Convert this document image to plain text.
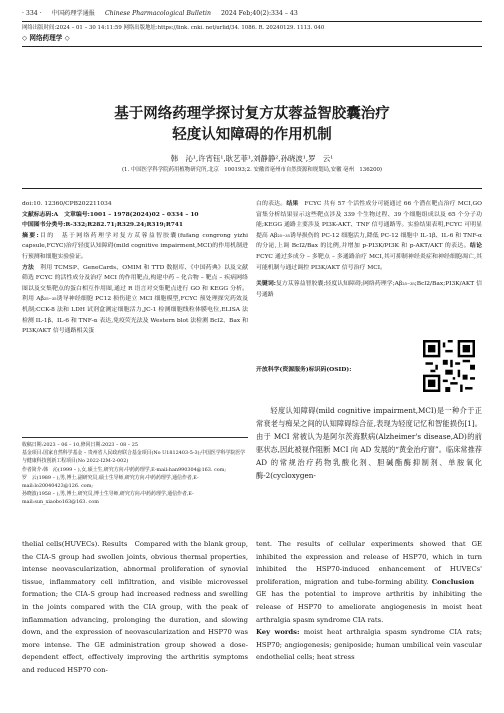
· 334 · 中国药理学通报 Chinese Pharmacological Bulletin 2024 Feb;40(2):334 – 43
网络出版时间:2024 – 01 – 30 14:11:59 网络出版地址:https://link. cnki. net/urlid/34. 1086. R. 20240129. 1113. 040
◇ 网络药理学 ◇
基于网络药理学探讨复方苁蓉益智胶囊治疗
轻度认知障碍的作用机制
韩　沁¹,许宵钰¹,耿艺菲¹,刘静静²,孙晓波¹,罗　云¹
(1. 中国医学科学院药用植物研究所,北京　100193;2. 安徽省亳州市自然资源和规划局,安徽 亳州　136200)

doi:10. 12360/CPB202211034

文献标志码:A　文章编号:1001 – 1978(2024)02 – 0334 – 10

中国图书分类号:R-332;R282.71;R329.24;R319;R741

摘要:目的　基于网络药理学对复方苁蓉益智胶囊(fufang congrong yizhi capsule,FCYC)治疗轻度认知障碍(mild cognitive impairment,MCI)的作用机制进行预测和细胞实验验证。

方法　 利用 TCMSP、GeneCards、OMIM 和 TTD 数据库、《中国药典》以及文献筛选 FCYC 的活性成分及治疗 MCI 的作用靶点,构建中药 – 化合物 – 靶点 – 疾病网络图以及交集靶点的蛋白相互作用图,通过 R 语言对交集靶点进行 GO 和 KEGG 分析。利用 Aβ₂₅₋₃₅诱导神经细胞 PC12 损伤建立 MCI 细胞模型,FCYC 预处理探究药效及机制;CCK-8 法和 LDH 试剂盒测定细胞活力,JC-1 检测细胞线粒体膜电位,ELISA 法检测 IL-1β、IL-6 和 TNF-α 表达,免疫荧光法及 Western blot 法检测 Bcl2、Bax 和 PI3K/AKT 信号通路相关蛋

收稿日期:2023 – 06 – 10,修回日期:2023 – 08 – 25

基金项目:国家自然科学基金 – 贵州省人民政府联合基金项目(No U1812403-5-3);中国医学科学院医学与健康科技创新工程项目(No 2022-I2M-2-002)

作者简介:韩　沁(1999 – ),女,硕士生,研究方向:中药药理学,E-mail:han990304@163. com;

罗　云(1989 – ),男,博士,副研究员,硕士生导师,研究方向:中药药理学,通信作者,E-mail:lo20040423@126. com;

孙晓波(1958 – ),男,博士,研究员,博士生导师,研究方向:中药药理学,通信作者,E-mail:sun_xiaobo163@163. com

thelial cells(HUVECs). Results　Compared with the blank group, the CIA-S group had swollen joints, obvious thermal properties, intense neovascularization, abnormal proliferation of synovial tissue, inflammatory cell infiltration, and visible microvessel formation; the CIA-S group had increased redness and swelling in the joints compared with the CIA group, with the peak of inflammation advancing, prolonging the duration, and slowing down, and the expression of neovascularization and HSP70 was more intense. The GE administration group showed a dose-dependent effect, effectively improving the arthritis symptoms and reduced HSP70 con-

白的表达。结果　 FCYC 共有 57 个活性成分可能通过 66 个潜在靶点治疗 MCI,GO 富集分析结果显示这些靶点涉及 339 个生物过程、39 个细胞组成以及 65 个分子功能;KEGG 通路主要涉及 PI3K-AKT、TNF 信号通路等。实验结果表明,FCYC 可明显提高 Aβ₂₅₋₃₅诱导损伤的 PC-12 细胞活力,降低 PC-12 细胞中 IL-1β、IL-6 和 TNF-α 的分泌,上调 Bcl2/Bax 的比例,并增加 p-PI3K/PI3K 和 p-AKT/AKT 的表达。结论　FCYC 通过多成分 – 多靶点 – 多通路治疗 MCI,其可抑制神经炎症和神经细胞凋亡,其可能机制与通过调控 PI3K/AKT 信号治疗 MCI。

关键词:复方苁蓉益智胶囊;轻度认知障碍;网络药理学;Aβ₂₅₋₃₅;Bcl2/Bax;PI3K/AKT 信号通路

开放科学(资源服务)标识码(OSID):
轻度认知障碍(mild cognitive impairment,MCI)是一种介于正常衰老与痴呆之间的认知障碍综合征,表现为轻度记忆和智能损伤[1]。由于 MCI 常被认为是阿尔茨海默病(Alzheimer's disease,AD)的前驱状态,因此被视作阻断 MCI 向 AD 发展的“黄金治疗窗”。临床常推荐 AD 的常规治疗药物乳酸化剂、胆碱酯酶抑制剂、单胺氧化酶-2(cycloxygen-

tent. The results of cellular experiments showed that GE inhibited the expression and release of HSP70, which in turn inhibited the HSP70-induced enhancement of HUVECs' proliferation, migration and tube-forming ability. Conclusion　GE has the potential to improve arthritis by inhibiting the release of HSP70 to ameliorate angiogenesis in moist heat arthralgia spasm syndrome CIA rats.

Key words: moist heat arthralgia spasm syndrome CIA rats; HSP70; angiogenesis; geniposide; human umbilical vein vascular endothelial cells; heat stress
